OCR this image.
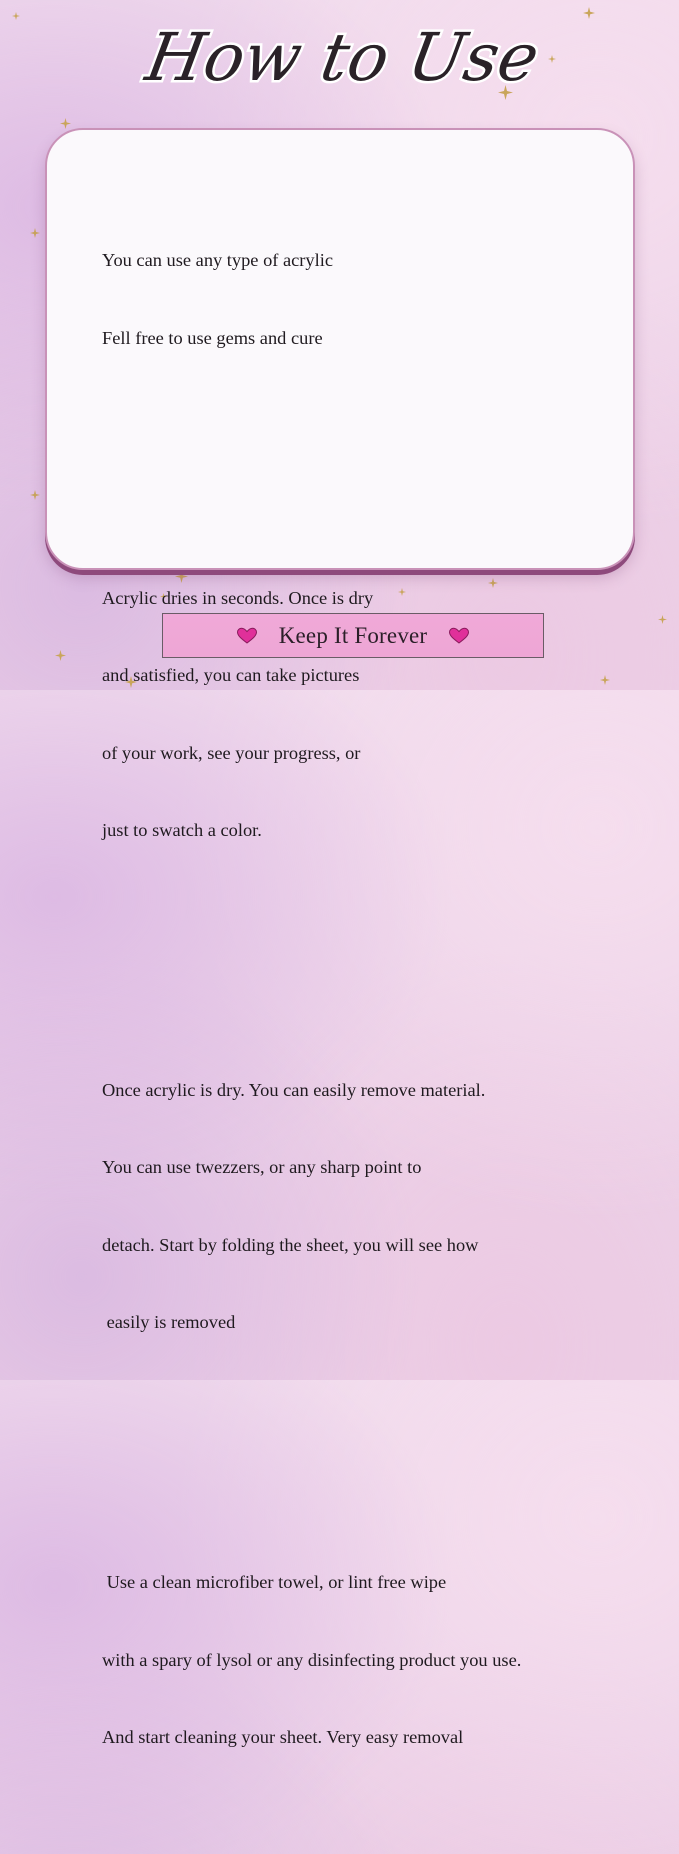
How to Use

You can use any type of acrylic

Fell free to use gems and cure

Acrylic dries in seconds. Once is dry

and satisfied, you can take pictures

of your work, see your progress, or

just to swatch a color.

Once acrylic is dry. You can easily remove material.

You can use twezzers, or any sharp point to

detach. Start by folding the sheet, you will see how

easily is removed

Use a clean microfiber towel, or lint free wipe

with a spary of lysol or any disinfecting product you use.

And start cleaning your sheet. Very easy removal

Keep It Forever
